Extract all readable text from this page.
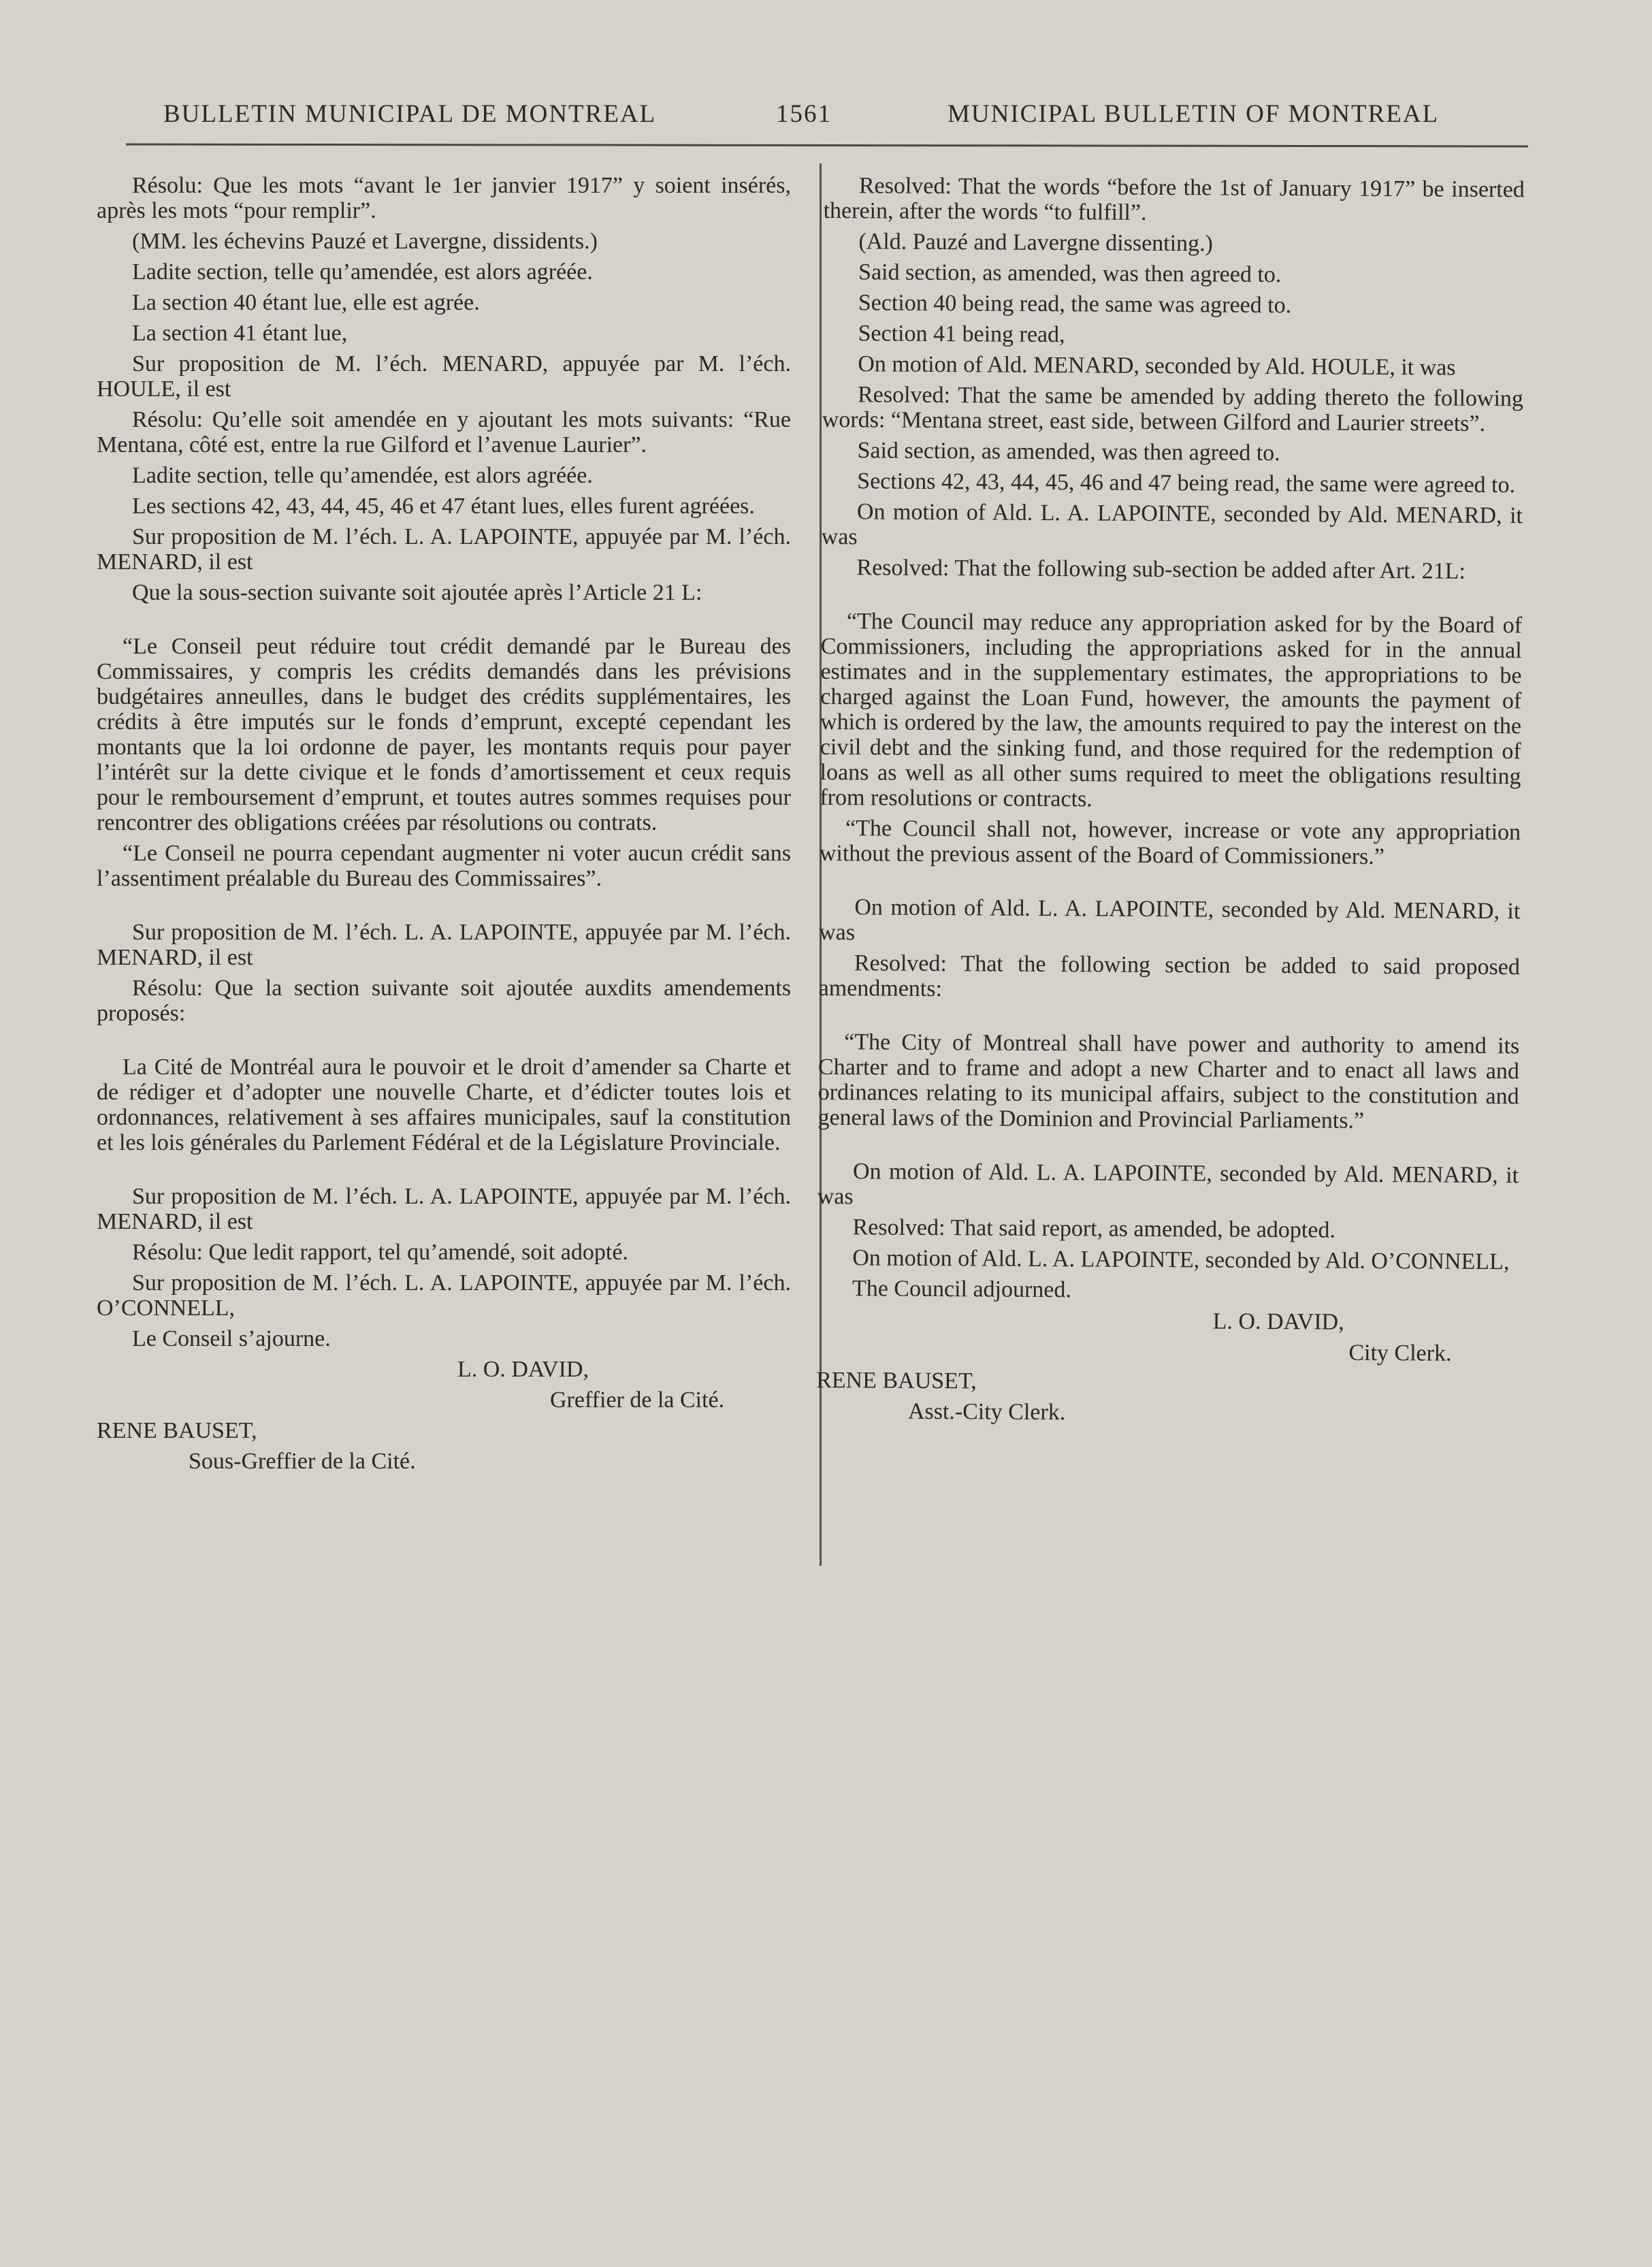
BULLETIN MUNICIPAL DE MONTREAL	1561	MUNICIPAL BULLETIN OF MONTREAL

Résolu: Que les mots “avant le 1er janvier 1917” y soient insérés, après les mots “pour remplir”.

(MM. les échevins Pauzé et Lavergne, dissidents.)

Ladite section, telle qu’amendée, est alors agréée.

La section 40 étant lue, elle est agrée.

La section 41 étant lue,

Sur proposition de M. l’éch. MENARD, appuyée par M. l’éch. HOULE, il est

Résolu: Qu’elle soit amendée en y ajoutant les mots suivants: “Rue Mentana, côté est, entre la rue Gilford et l’avenue Laurier”.

Ladite section, telle qu’amendée, est alors agréée.

Les sections 42, 43, 44, 45, 46 et 47 étant lues, elles furent agréées.

Sur proposition de M. l’éch. L. A. LAPOINTE, appuyée par M. l’éch. MENARD, il est

Que la sous-section suivante soit ajoutée après l’Article 21 L:

“Le Conseil peut réduire tout crédit demandé par le Bureau des Commissaires, y compris les crédits demandés dans les prévisions budgétaires anneulles, dans le budget des crédits supplémentaires, les crédits à être imputés sur le fonds d’emprunt, excepté cependant les montants que la loi ordonne de payer, les montants requis pour payer l’intérêt sur la dette civique et le fonds d’amortissement et ceux requis pour le remboursement d’emprunt, et toutes autres sommes requises pour rencontrer des obligations créées par résolutions ou contrats.

“Le Conseil ne pourra cependant augmenter ni voter aucun crédit sans l’assentiment préalable du Bureau des Commissaires”.

Sur proposition de M. l’éch. L. A. LAPOINTE, appuyée par M. l’éch. MENARD, il est

Résolu: Que la section suivante soit ajoutée auxdits amendements proposés:

La Cité de Montréal aura le pouvoir et le droit d’amender sa Charte et de rédiger et d’adopter une nouvelle Charte, et d’édicter toutes lois et ordonnances, relativement à ses affaires municipales, sauf la constitution et les lois générales du Parlement Fédéral et de la Législature Provinciale.

Sur proposition de M. l’éch. L. A. LAPOINTE, appuyée par M. l’éch. MENARD, il est

Résolu: Que ledit rapport, tel qu’amendé, soit adopté.

Sur proposition de M. l’éch. L. A. LAPOINTE, appuyée par M. l’éch. O’CONNELL,

Le Conseil s’ajourne.

L. O. DAVID,

Greffier de la Cité.

RENE BAUSET,

Sous-Greffier de la Cité.

Resolved: That the words “before the 1st of January 1917” be inserted therein, after the words “to fulfill”.

(Ald. Pauzé and Lavergne dissenting.)

Said section, as amended, was then agreed to.

Section 40 being read, the same was agreed to.

Section 41 being read,

On motion of Ald. MENARD, seconded by Ald. HOULE, it was

Resolved: That the same be amended by adding thereto the following words: “Mentana street, east side, between Gilford and Laurier streets”.

Said section, as amended, was then agreed to.

Sections 42, 43, 44, 45, 46 and 47 being read, the same were agreed to.

On motion of Ald. L. A. LAPOINTE, seconded by Ald. MENARD, it was

Resolved: That the following sub-section be added after Art. 21L:

“The Council may reduce any appropriation asked for by the Board of Commissioners, including the appropriations asked for in the annual estimates and in the supplementary estimates, the appropriations to be charged against the Loan Fund, however, the amounts the payment of which is ordered by the law, the amounts required to pay the interest on the civil debt and the sinking fund, and those required for the redemption of loans as well as all other sums required to meet the obligations resulting from resolutions or contracts.

“The Council shall not, however, increase or vote any appropriation without the previous assent of the Board of Commissioners.”

On motion of Ald. L. A. LAPOINTE, seconded by Ald. MENARD, it was

Resolved: That the following section be added to said proposed amendments:

“The City of Montreal shall have power and authority to amend its Charter and to frame and adopt a new Charter and to enact all laws and ordinances relating to its municipal affairs, subject to the constitution and general laws of the Dominion and Provincial Parliaments.”

On motion of Ald. L. A. LAPOINTE, seconded by Ald. MENARD, it was

Resolved: That said report, as amended, be adopted.

On motion of Ald. L. A. LAPOINTE, seconded by Ald. O’CONNELL,

The Council adjourned.

L. O. DAVID,

City Clerk.

RENE BAUSET,

Asst.-City Clerk.
